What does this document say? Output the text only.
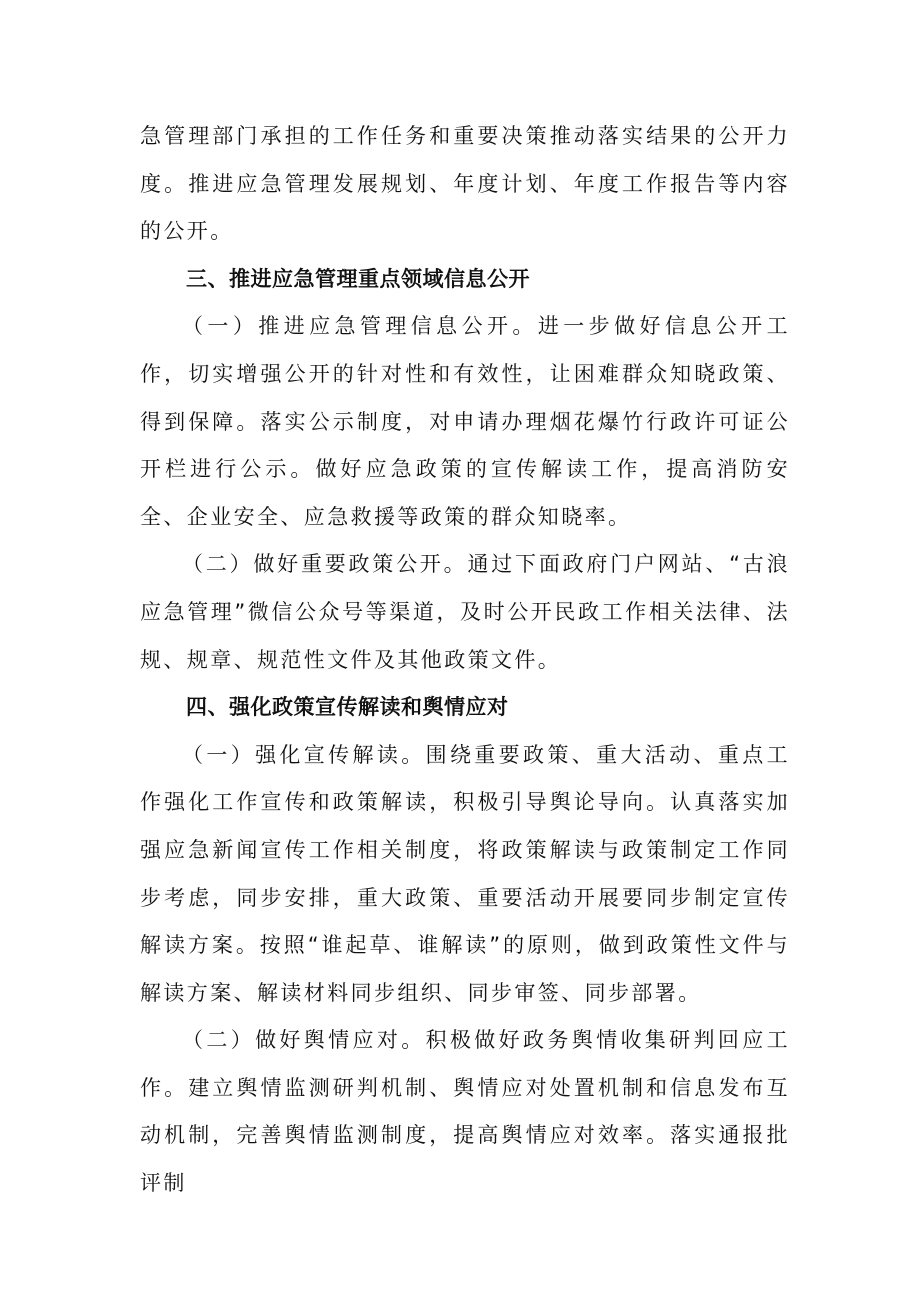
急管理部门承担的工作任务和重要决策推动落实结果的公开力度。推进应急管理发展规划、年度计划、年度工作报告等内容的公开。

三、推进应急管理重点领域信息公开

（一）推进应急管理信息公开。进一步做好信息公开工作，切实增强公开的针对性和有效性，让困难群众知晓政策、得到保障。落实公示制度，对申请办理烟花爆竹行政许可证公开栏进行公示。做好应急政策的宣传解读工作，提高消防安全、企业安全、应急救援等政策的群众知晓率。

（二）做好重要政策公开。通过下面政府门户网站、“古浪应急管理”微信公众号等渠道，及时公开民政工作相关法律、法规、规章、规范性文件及其他政策文件。

四、强化政策宣传解读和舆情应对

（一）强化宣传解读。围绕重要政策、重大活动、重点工作强化工作宣传和政策解读，积极引导舆论导向。认真落实加强应急新闻宣传工作相关制度，将政策解读与政策制定工作同步考虑，同步安排，重大政策、重要活动开展要同步制定宣传解读方案。按照“谁起草、谁解读”的原则，做到政策性文件与解读方案、解读材料同步组织、同步审签、同步部署。

（二）做好舆情应对。积极做好政务舆情收集研判回应工作。建立舆情监测研判机制、舆情应对处置机制和信息发布互动机制，完善舆情监测制度，提高舆情应对效率。落实通报批评制
